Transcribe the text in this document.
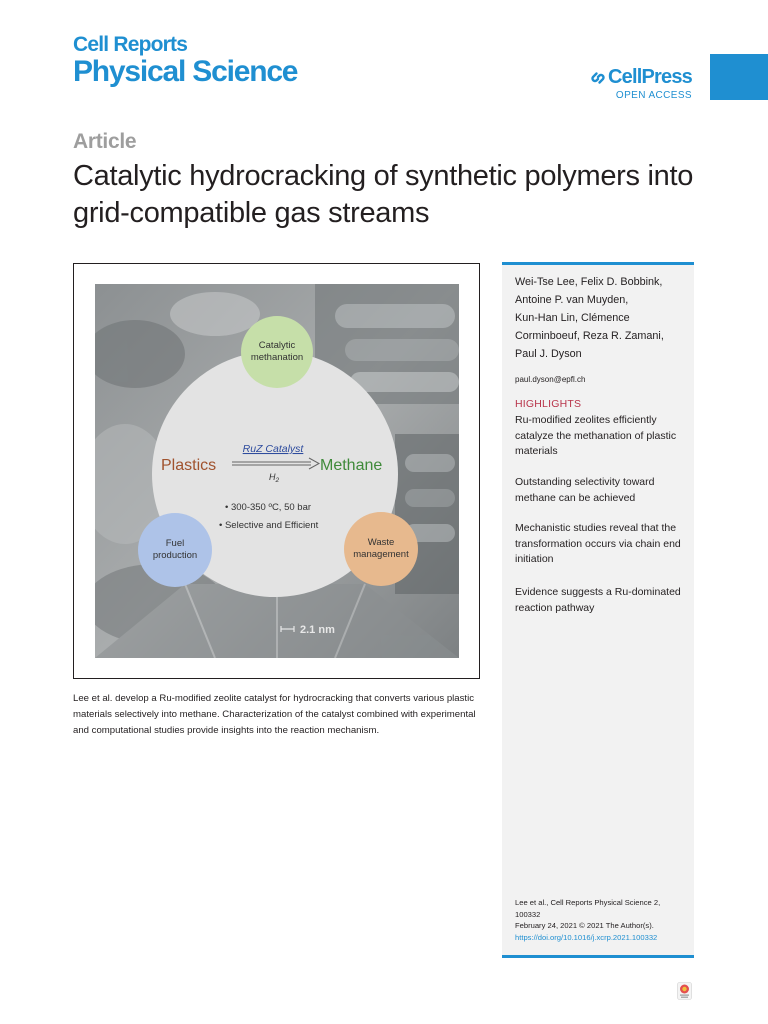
Cell Reports
Physical Science	CellPress
OPEN ACCESS
Article
Catalytic hydrocracking of synthetic polymers into grid-compatible gas streams
Catalytic
methanation
Fuel
production
Waste
management
RuZ Catalyst
Plastics	Methane
$H_2$
• 300-350 ºC, 50 bar
• Selective and Efficient
2.1 nm

Lee et al. develop a Ru-modified zeolite catalyst for hydrocracking that converts various plastic materials selectively into methane. Characterization of the catalyst combined with experimental and computational studies provide insights into the reaction mechanism.

Wei-Tse Lee, Felix D. Bobbink,
Antoine P. van Muyden,
Kun-Han Lin, Clémence
Corminboeuf, Reza R. Zamani,
Paul J. Dyson
paul.dyson@epfl.ch
HIGHLIGHTS
Ru-modified zeolites efficiently catalyze the methanation of plastic materials
Outstanding selectivity toward methane can be achieved
Mechanistic studies reveal that the transformation occurs via chain end initiation
Evidence suggests a Ru-dominated reaction pathway
Lee et al., Cell Reports Physical Science 2,
100332
February 24, 2021 © 2021 The Author(s).
https://doi.org/10.1016/j.xcrp.2021.100332
